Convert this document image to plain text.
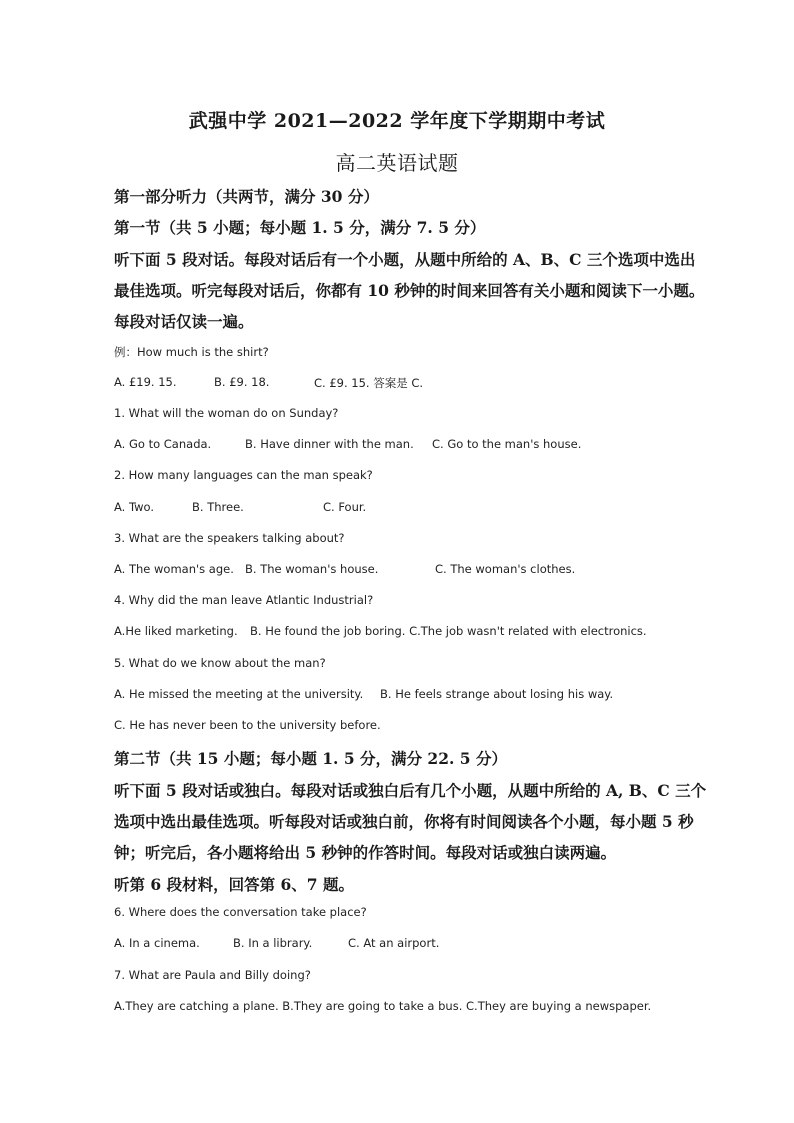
武强中学 2021—2022 学年度下学期期中考试
高二英语试题
第一部分听力（共两节，满分 30 分）
第一节（共 5 小题；每小题 1. 5 分，满分 7. 5 分）
听下面 5 段对话。每段对话后有一个小题，从题中所给的 A、B、C 三个选项中选出
最佳选项。听完每段对话后，你都有 10 秒钟的时间来回答有关小题和阅读下一小题。
每段对话仅读一遍。
例：How much is the shirt?
A. £19. 15.	B. £9. 18.	C. £9. 15. 答案是 C.
1. What will the woman do on Sunday?
A. Go to Canada.	B. Have dinner with the man. C. Go to the man's house.
2. How many languages can the man speak?
A. Two.	B. Three.	C. Four.
3. What are the speakers talking about?
A. The woman's age. B. The woman's house.	C. The woman's clothes.
4. Why did the man leave Atlantic Industrial?
A.He liked marketing. B. He found the job boring. C.The job wasn't related with electronics.
5. What do we know about the man?
A. He missed the meeting at the university. B. He feels strange about losing his way.
C. He has never been to the university before.
第二节（共 15 小题；每小题 1. 5 分，满分 22. 5 分）
听下面 5 段对话或独白。每段对话或独白后有几个小题，从题中所给的 A, B、C 三个
选项中选出最佳选项。听每段对话或独白前，你将有时间阅读各个小题，每小题 5 秒
钟；听完后，各小题将给出 5 秒钟的作答时间。每段对话或独白读两遍。
听第 6 段材料，回答第 6、7 题。
6. Where does the conversation take place?
A. In a cinema.	B. In a library.	C. At an airport.
7. What are Paula and Billy doing?
A.They are catching a plane. B.They are going to take a bus. C.They are buying a newspaper.
